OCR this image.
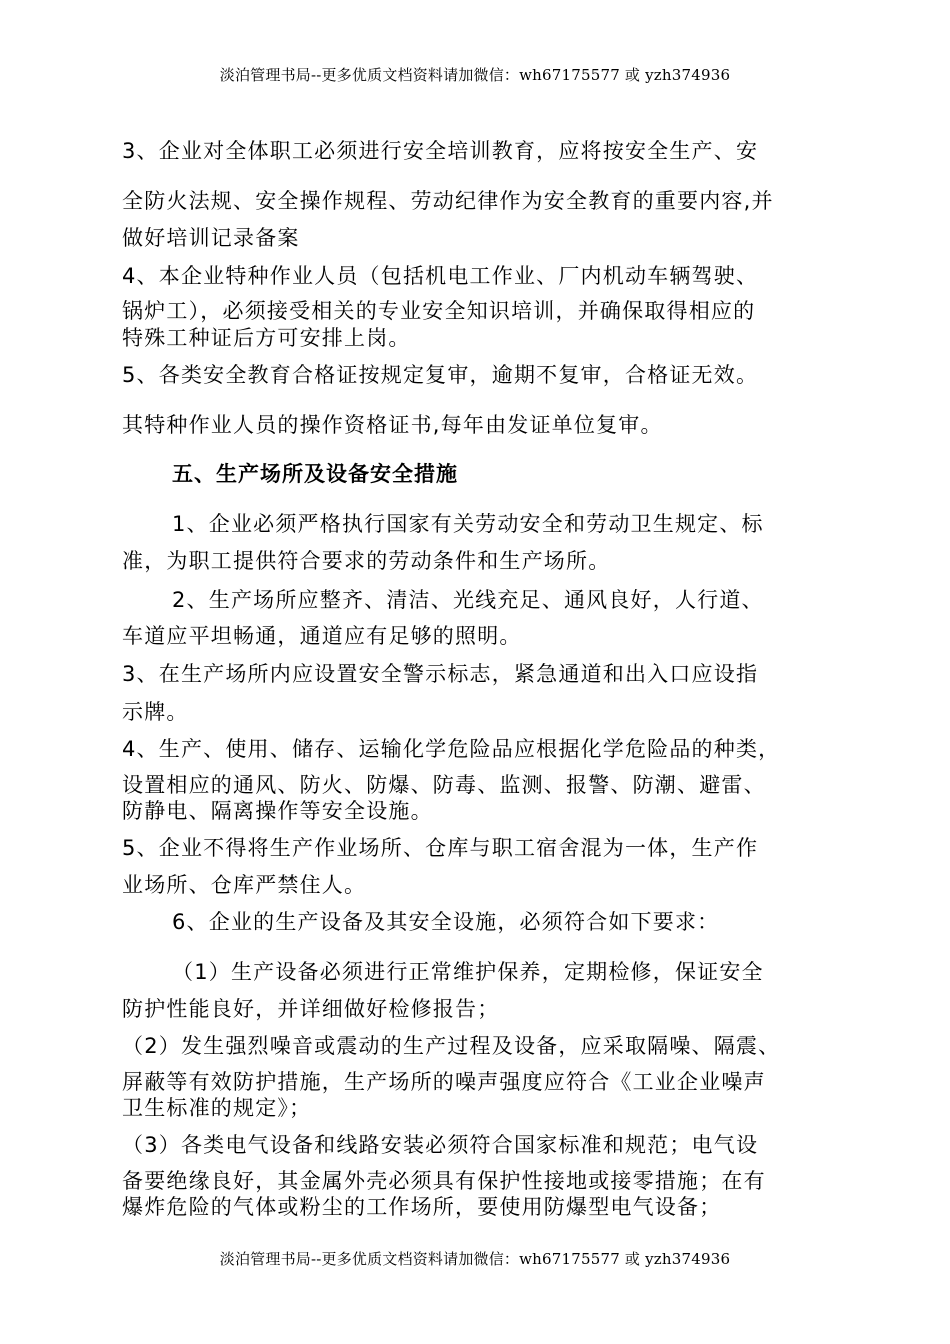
淡泊管理书局--更多优质文档资料请加微信：wh67175577 或 yzh374936
3、企业对全体职工必须进行安全培训教育，应将按安全生产、安
全防火法规、安全操作规程、劳动纪律作为安全教育的重要内容,并
做好培训记录备案
4、本企业特种作业人员（包括机电工作业、厂内机动车辆驾驶、
锅炉工），必须接受相关的专业安全知识培训，并确保取得相应的
特殊工种证后方可安排上岗。
5、各类安全教育合格证按规定复审，逾期不复审，合格证无效。
其特种作业人员的操作资格证书,每年由发证单位复审。
五、生产场所及设备安全措施
1、企业必须严格执行国家有关劳动安全和劳动卫生规定、标
准，为职工提供符合要求的劳动条件和生产场所。
2、生产场所应整齐、清洁、光线充足、通风良好，人行道、
车道应平坦畅通，通道应有足够的照明。
3、在生产场所内应设置安全警示标志，紧急通道和出入口应设指
示牌。
4、生产、使用、储存、运输化学危险品应根据化学危险品的种类，
设置相应的通风、防火、防爆、防毒、监测、报警、防潮、避雷、
防静电、隔离操作等安全设施。
5、企业不得将生产作业场所、仓库与职工宿舍混为一体，生产作
业场所、仓库严禁住人。
6、企业的生产设备及其安全设施，必须符合如下要求：
（1）生产设备必须进行正常维护保养，定期检修，保证安全
防护性能良好，并详细做好检修报告；
（2）发生强烈噪音或震动的生产过程及设备，应采取隔噪、隔震、
屏蔽等有效防护措施，生产场所的噪声强度应符合《工业企业噪声
卫生标准的规定》；
（3）各类电气设备和线路安装必须符合国家标准和规范；电气设
备要绝缘良好，其金属外壳必须具有保护性接地或接零措施；在有
爆炸危险的气体或粉尘的工作场所，要使用防爆型电气设备；
淡泊管理书局--更多优质文档资料请加微信：wh67175577 或 yzh374936
